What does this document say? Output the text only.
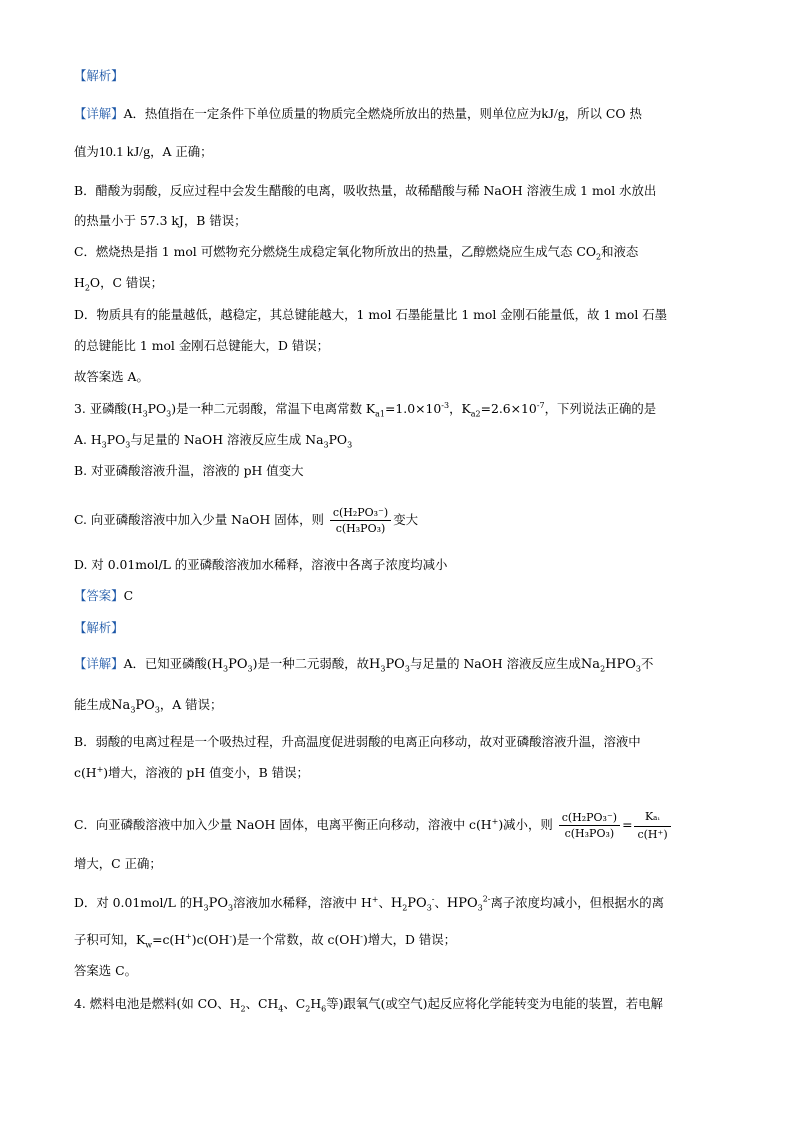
【解析】
【详解】A．热值指在一定条件下单位质量的物质完全燃烧所放出的热量，则单位应为kJ/g，所以 CO 热
值为10.1 kJ/g，A 正确；
B．醋酸为弱酸，反应过程中会发生醋酸的电离，吸收热量，故稀醋酸与稀 NaOH 溶液生成 1 mol 水放出
的热量小于 57.3 kJ，B 错误；
C．燃烧热是指 1 mol 可燃物充分燃烧生成稳定氧化物所放出的热量，乙醇燃烧应生成气态 $CO_2$和液态
$H_2O$，C 错误；
D．物质具有的能量越低，越稳定，其总键能越大，1 mol 石墨能量比 1 mol 金刚石能量低，故 1 mol 石墨
的总键能比 1 mol 金刚石总键能大，D 错误；
故答案选 A。
3. 亚磷酸$(H_3PO_3)$是一种二元弱酸，常温下电离常数 $K_{a1}=1.0\times 10^{-3}$，$K_{a2}=2.6\times 10^{-7}$，下列说法正确的是
A. $H_3PO_3$与足量的 NaOH 溶液反应生成 $Na_3PO_3$
B. 对亚磷酸溶液升温，溶液的 pH 值变大
C. 向亚磷酸溶液中加入少量 NaOH 固体，则 $\frac{\text{c(H₂PO₃⁻)}}{\text{c(H₃PO₃)}}$ 变大
D. 对 0.01mol/L 的亚磷酸溶液加水稀释，溶液中各离子浓度均减小
【答案】C
【解析】
【详解】A．已知亚磷酸$(H_3PO_3)$是一种二元弱酸，故$H_3PO_3$与足量的 NaOH 溶液反应生成$Na_2HPO_3$不
能生成$Na_3PO_3$，A 错误；
B．弱酸的电离过程是一个吸热过程，升高温度促进弱酸的电离正向移动，故对亚磷酸溶液升温，溶液中
c(H+)增大，溶液的 pH 值变小，B 错误；
C．向亚磷酸溶液中加入少量 NaOH 固体，电离平衡正向移动，溶液中 c(H+)减小，则 $\frac{\text{c(H₂PO₃⁻)}}{\text{c(H₃PO₃)}} = \frac{\text{Ka₁}}{c(H^+)}$
增大，C 正确；
D．对 0.01mol/L 的$H_3PO_3$溶液加水稀释，溶液中 H+、$H_2PO_3^-$、$HPO_3^{2-}$离子浓度均减小，但根据水的离
子积可知，$K_w=c(H^+)c(OH^-)$是一个常数，故 c(OH-)增大，D 错误；
答案选 C。
4. 燃料电池是燃料(如 CO、$H_2$、$CH_4$、$C_2H_6$等)跟氧气(或空气)起反应将化学能转变为电能的装置，若电解
